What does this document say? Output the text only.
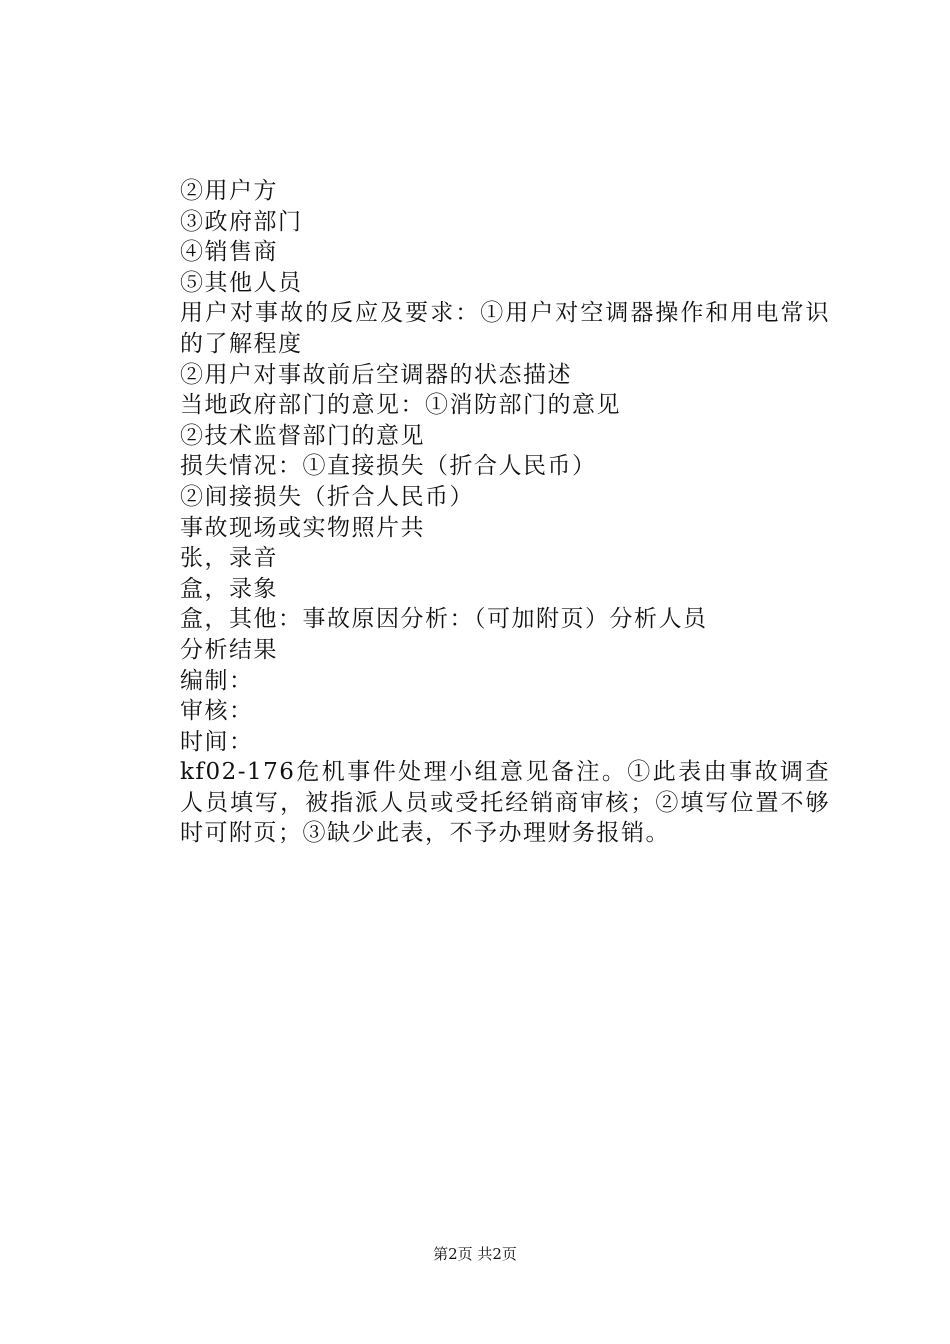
②用户方
③政府部门
④销售商
⑤其他人员
用户对事故的反应及要求：①用户对空调器操作和用电常识的了解程度
②用户对事故前后空调器的状态描述
当地政府部门的意见：①消防部门的意见
②技术监督部门的意见
损失情况：①直接损失（折合人民币）
②间接损失（折合人民币）
事故现场或实物照片共
张，录音
盒，录象
盒，其他：事故原因分析：（可加附页）分析人员
分析结果
编制：
审核：
时间：
kf02-176危机事件处理小组意见备注。①此表由事故调查人员填写，被指派人员或受托经销商审核；②填写位置不够时可附页；③缺少此表，不予办理财务报销。
第2页 共2页
